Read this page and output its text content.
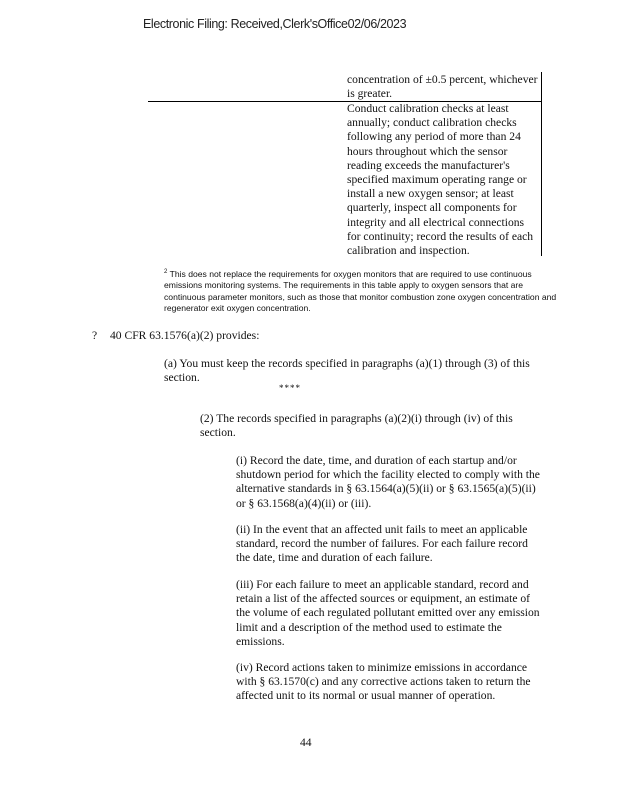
Electronic Filing: Received,Clerk'sOffice02/06/2023
concentration of ±0.5 percent, whichever is greater.
Conduct calibration checks at least annually; conduct calibration checks following any period of more than 24 hours throughout which the sensor reading exceeds the manufacturer's specified maximum operating range or install a new oxygen sensor; at least quarterly, inspect all components for integrity and all electrical connections for continuity; record the results of each calibration and inspection.
$^2$ This does not replace the requirements for oxygen monitors that are required to use continuous emissions monitoring systems. The requirements in this table apply to oxygen sensors that are continuous parameter monitors, such as those that monitor combustion zone oxygen concentration and regenerator exit oxygen concentration.
? 40 CFR 63.1576(a)(2) provides:
(a) You must keep the records specified in paragraphs (a)(1) through (3) of this section.
****
(2) The records specified in paragraphs (a)(2)(i) through (iv) of this section.
(i) Record the date, time, and duration of each startup and/or shutdown period for which the facility elected to comply with the alternative standards in § 63.1564(a)(5)(ii) or § 63.1565(a)(5)(ii) or § 63.1568(a)(4)(ii) or (iii).
(ii) In the event that an affected unit fails to meet an applicable standard, record the number of failures. For each failure record the date, time and duration of each failure.
(iii) For each failure to meet an applicable standard, record and retain a list of the affected sources or equipment, an estimate of the volume of each regulated pollutant emitted over any emission limit and a description of the method used to estimate the emissions.
(iv) Record actions taken to minimize emissions in accordance with § 63.1570(c) and any corrective actions taken to return the affected unit to its normal or usual manner of operation.
44
